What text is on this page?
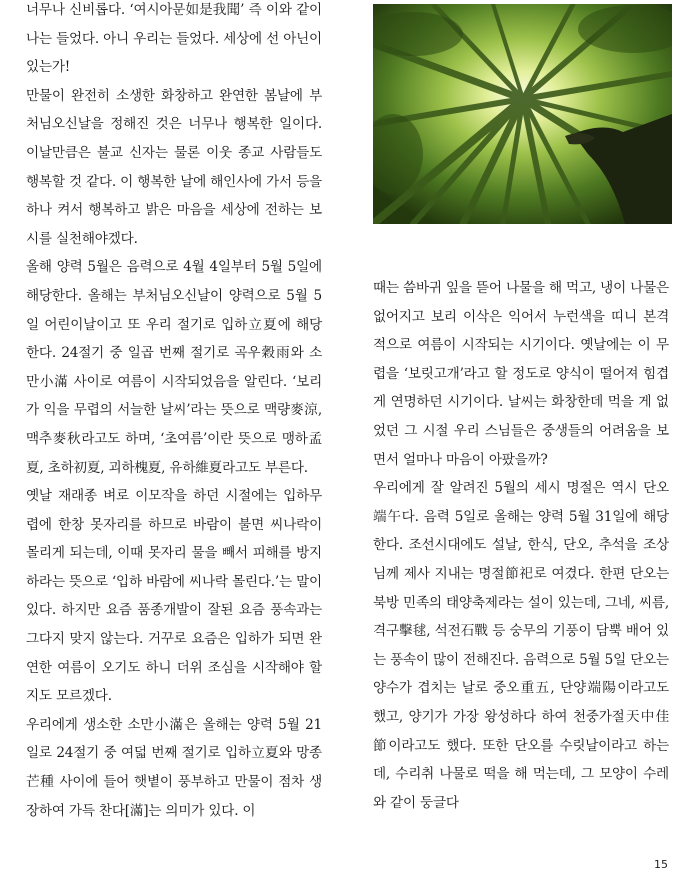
너무나 신비롭다. ‘여시아문如是我聞’ 즉 이와 같이 나는 들었다. 아니 우리는 들었다. 세상에 선 아닌이 있는가!

만물이 완전히 소생한 화창하고 완연한 봄날에 부처님오신날을 정해진 것은 너무나 행복한 일이다. 이날만큼은 불교 신자는 물론 이웃 종교 사람들도 행복할 것 같다. 이 행복한 날에 해인사에 가서 등을 하나 켜서 행복하고 밝은 마음을 세상에 전하는 보시를 실천해야겠다.

올해 양력 5월은 음력으로 4월 4일부터 5월 5일에 해당한다. 올해는 부처님오신날이 양력으로 5월 5일 어린이날이고 또 우리 절기로 입하立夏에 해당한다. 24절기 중 일곱 번째 절기로 곡우穀雨와 소만小滿 사이로 여름이 시작되었음을 알린다. ‘보리가 익을 무렵의 서늘한 날씨’라는 뜻으로 맥량麥涼, 맥추麥秋라고도 하며, ‘초여름’이란 뜻으로 맹하孟夏, 초하初夏, 괴하槐夏, 유하維夏라고도 부른다.

옛날 재래종 벼로 이모작을 하던 시절에는 입하무렵에 한창 못자리를 하므로 바람이 불면 씨나락이 몰리게 되는데, 이때 못자리 물을 빼서 피해를 방지하라는 뜻으로 ‘입하 바람에 씨나락 몰린다.’는 말이 있다. 하지만 요즘 품종개발이 잘된 요즘 풍속과는 그다지 맞지 않는다. 거꾸로 요즘은 입하가 되면 완연한 여름이 오기도 하니 더위 조심을 시작해야 할지도 모르겠다.

우리에게 생소한 소만小滿은 올해는 양력 5월 21일로 24절기 중 여덟 번째 절기로 입하立夏와 망종芒種 사이에 들어 햇볕이 풍부하고 만물이 점차 생장하여 가득 찬다[滿]는 의미가 있다. 이

때는 씀바귀 잎을 뜯어 나물을 해 먹고, 냉이 나물은 없어지고 보리 이삭은 익어서 누런색을 띠니 본격적으로 여름이 시작되는 시기이다. 옛날에는 이 무렵을 ‘보릿고개’라고 할 정도로 양식이 떨어져 힘겹게 연명하던 시기이다. 날씨는 화창한데 먹을 게 없었던 그 시절 우리 스님들은 중생들의 어려움을 보면서 얼마나 마음이 아팠을까?

우리에게 잘 알려진 5월의 세시 명절은 역시 단오端午다. 음력 5일로 올해는 양력 5월 31일에 해당한다. 조선시대에도 설날, 한식, 단오, 추석을 조상님께 제사 지내는 명절節祀로 여겼다. 한편 단오는 북방 민족의 태양축제라는 설이 있는데, 그네, 씨름, 격구擊毬, 석전石戰 등 숭무의 기풍이 담뿍 배어 있는 풍속이 많이 전해진다. 음력으로 5월 5일 단오는 양수가 겹치는 날로 중오重五, 단양端陽이라고도 했고, 양기가 가장 왕성하다 하여 천중가절天中佳節이라고도 했다. 또한 단오를 수릿날이라고 하는데, 수리취 나물로 떡을 해 먹는데, 그 모양이 수레와 같이 둥글다

15
